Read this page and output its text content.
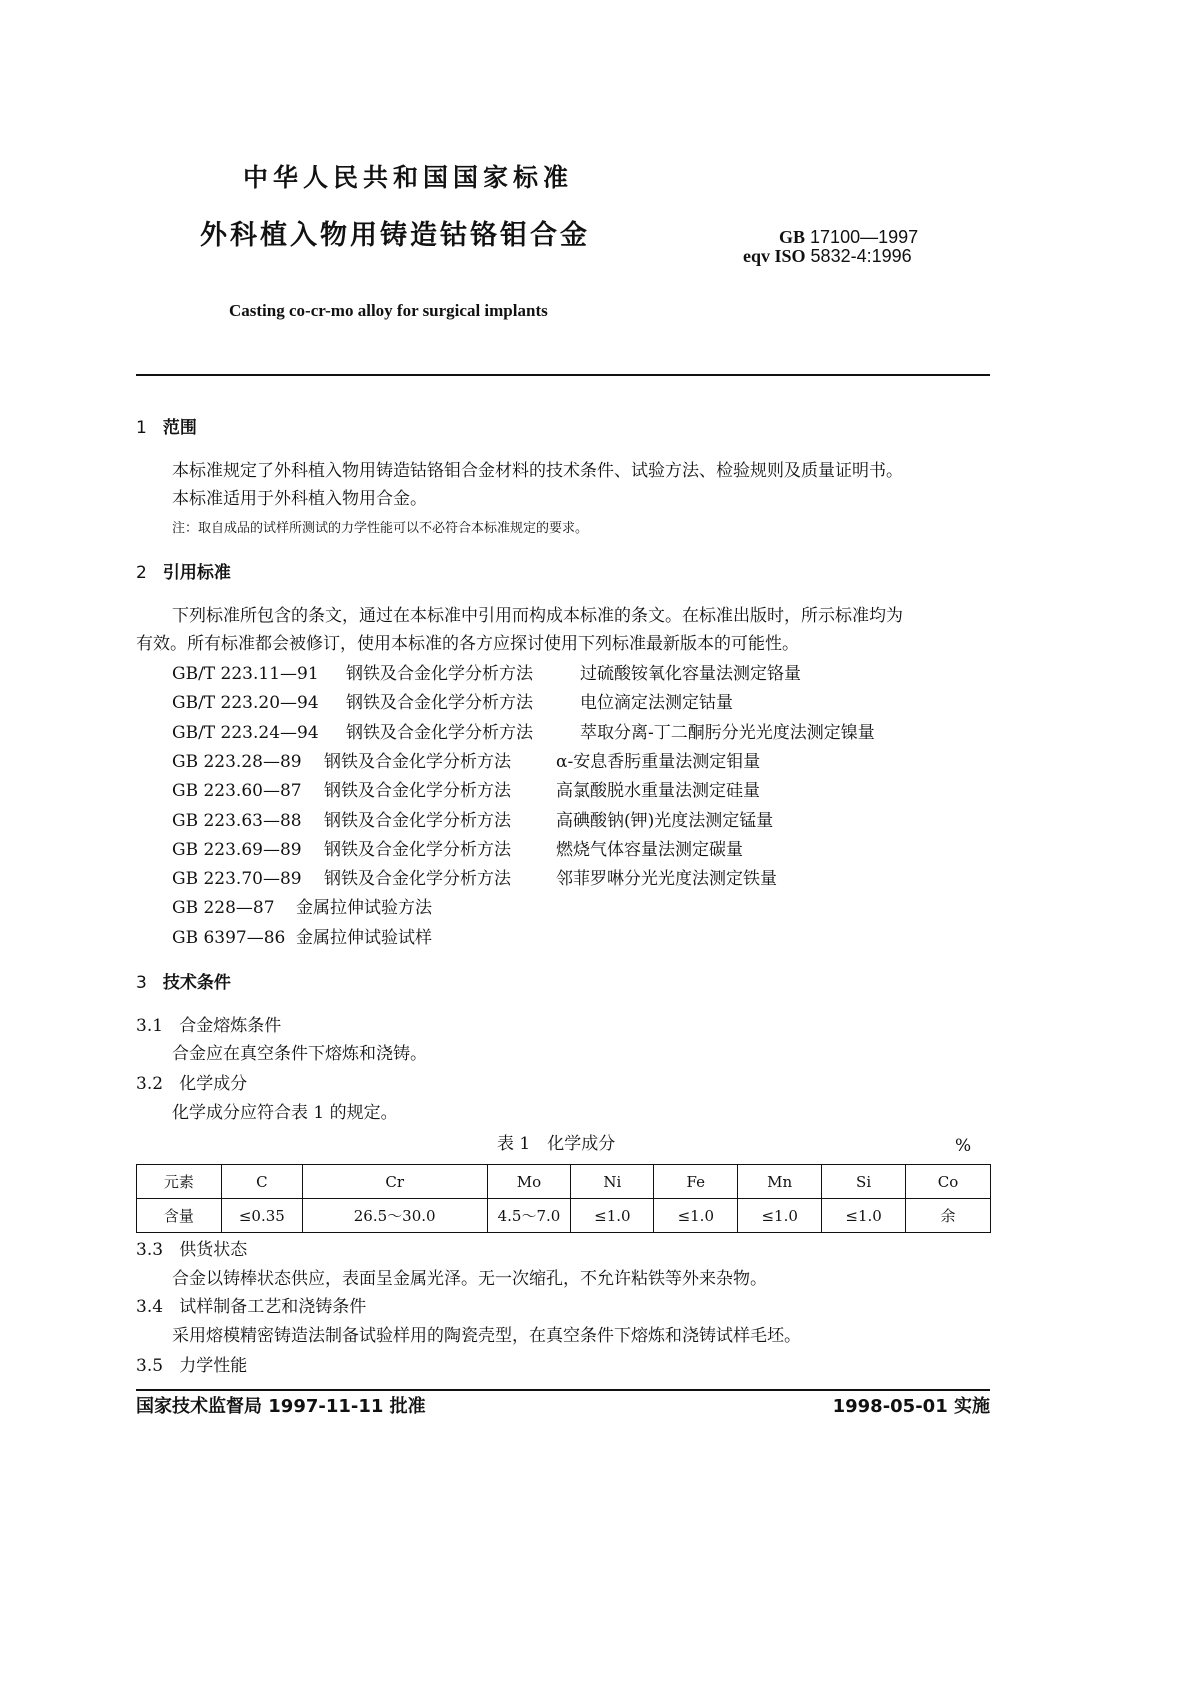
中华人民共和国国家标准
外科植入物用铸造钴铬钼合金	GB 17100—1997
eqv ISO 5832-4:1996
Casting co-cr-mo alloy for surgical implants
1 范围
本标准规定了外科植入物用铸造钴铬钼合金材料的技术条件、试验方法、检验规则及质量证明书。
本标准适用于外科植入物用合金。
注：取自成品的试样所测试的力学性能可以不必符合本标准规定的要求。
2 引用标准
下列标准所包含的条文，通过在本标准中引用而构成本标准的条文。在标准出版时，所示标准均为
有效。所有标准都会被修订，使用本标准的各方应探讨使用下列标准最新版本的可能性。
GB/T 223.11—91 钢铁及合金化学分析方法	过硫酸铵氧化容量法测定铬量
GB/T 223.20—94 钢铁及合金化学分析方法	电位滴定法测定钴量
GB/T 223.24—94 钢铁及合金化学分析方法	萃取分离-丁二酮肟分光光度法测定镍量
GB 223.28—89 钢铁及合金化学分析方法	α-安息香肟重量法测定钼量
GB 223.60—87 钢铁及合金化学分析方法	高氯酸脱水重量法测定硅量
GB 223.63—88 钢铁及合金化学分析方法	高碘酸钠(钾)光度法测定锰量
GB 223.69—89 钢铁及合金化学分析方法	燃烧气体容量法测定碳量
GB 223.70—89 钢铁及合金化学分析方法	邻菲罗啉分光光度法测定铁量
GB 228—87 金属拉伸试验方法
GB 6397—86 金属拉伸试验试样
3 技术条件
3.1 合金熔炼条件
合金应在真空条件下熔炼和浇铸。
3.2 化学成分
化学成分应符合表 1 的规定。
表 1　化学成分	%
元素	C	Cr	Mo	Ni	Fe	Mn	Si	Co
含量	≤0.35	26.5～30.0	4.5～7.0	≤1.0	≤1.0	≤1.0	≤1.0	余
3.3 供货状态
合金以铸棒状态供应，表面呈金属光泽。无一次缩孔，不允许粘铁等外来杂物。
3.4 试样制备工艺和浇铸条件
采用熔模精密铸造法制备试验样用的陶瓷壳型，在真空条件下熔炼和浇铸试样毛坯。
3.5 力学性能
国家技术监督局 1997-11-11 批准	1998-05-01 实施
